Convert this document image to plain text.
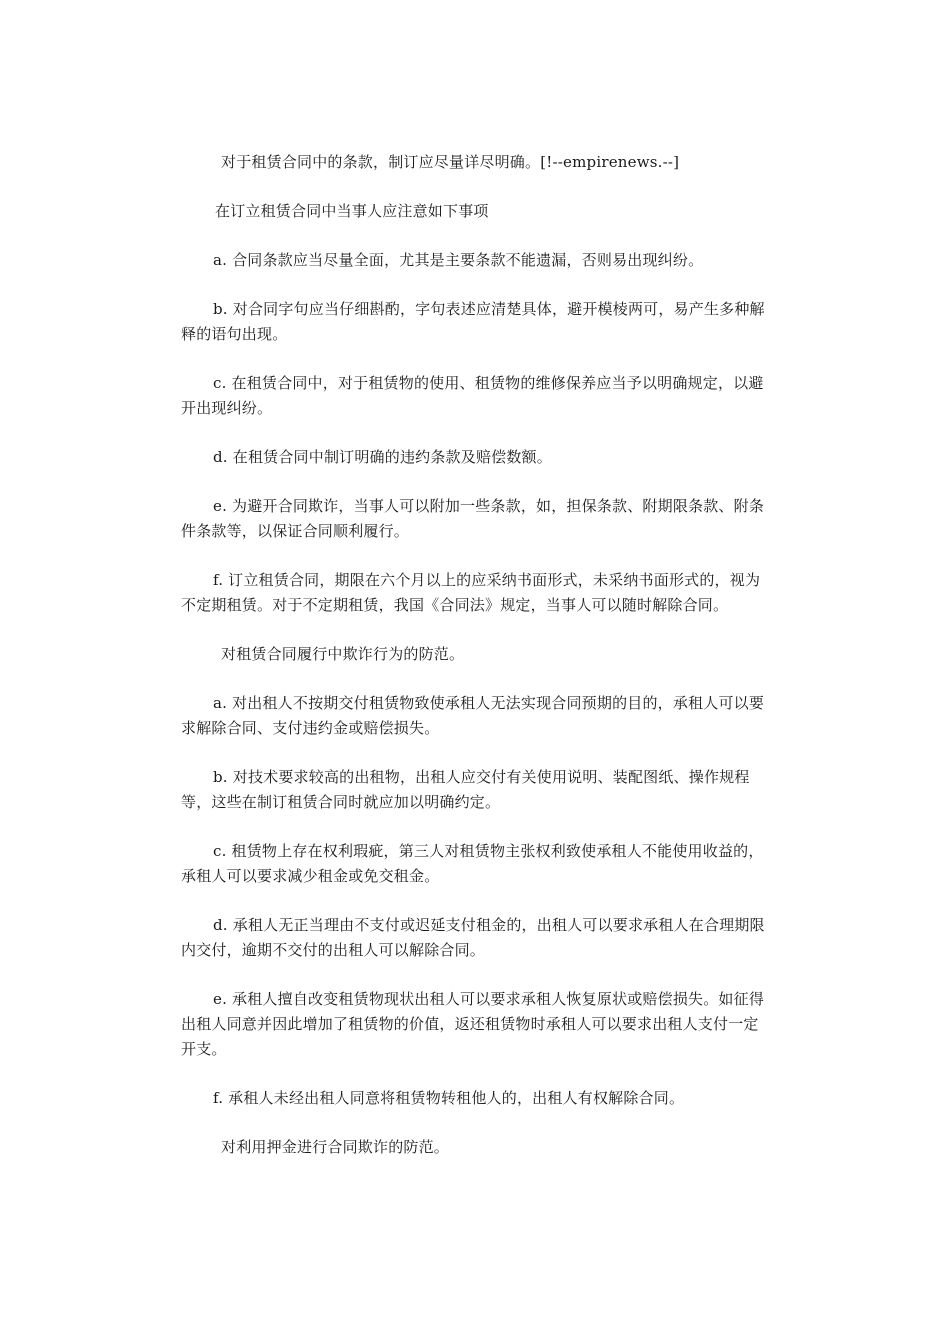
对于租赁合同中的条款，制订应尽量详尽明确。[!--empirenews.--]

在订立租赁合同中当事人应注意如下事项

a. 合同条款应当尽量全面，尤其是主要条款不能遗漏，否则易出现纠纷。

b. 对合同字句应当仔细斟酌，字句表述应清楚具体，避开模棱两可，易产生多种解释的语句出现。

c. 在租赁合同中，对于租赁物的使用、租赁物的维修保养应当予以明确规定，以避开出现纠纷。

d. 在租赁合同中制订明确的违约条款及赔偿数额。

e. 为避开合同欺诈，当事人可以附加一些条款，如，担保条款、附期限条款、附条件条款等，以保证合同顺利履行。

f. 订立租赁合同，期限在六个月以上的应采纳书面形式，未采纳书面形式的，视为不定期租赁。对于不定期租赁，我国《合同法》规定，当事人可以随时解除合同。

对租赁合同履行中欺诈行为的防范。

a. 对出租人不按期交付租赁物致使承租人无法实现合同预期的目的，承租人可以要求解除合同、支付违约金或赔偿损失。

b. 对技术要求较高的出租物，出租人应交付有关使用说明、装配图纸、操作规程等，这些在制订租赁合同时就应加以明确约定。

c. 租赁物上存在权利瑕疵，第三人对租赁物主张权利致使承租人不能使用收益的，承租人可以要求减少租金或免交租金。

d. 承租人无正当理由不支付或迟延支付租金的，出租人可以要求承租人在合理期限内交付，逾期不交付的出租人可以解除合同。

e. 承租人擅自改变租赁物现状出租人可以要求承租人恢复原状或赔偿损失。如征得出租人同意并因此增加了租赁物的价值，返还租赁物时承租人可以要求出租人支付一定开支。

f. 承租人未经出租人同意将租赁物转租他人的，出租人有权解除合同。

对利用押金进行合同欺诈的防范。
